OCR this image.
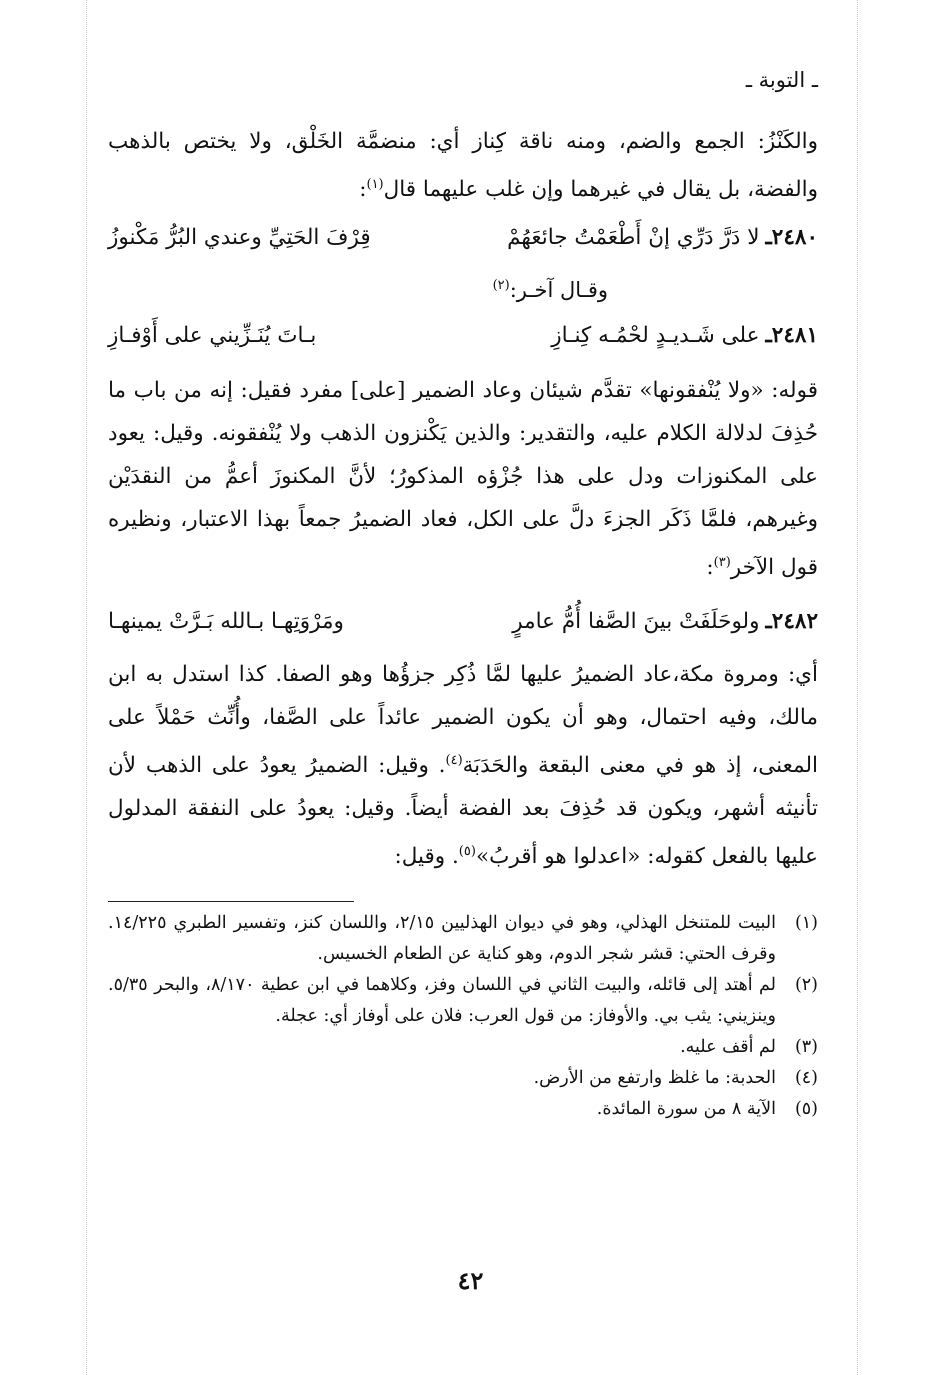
ـ التوبة ـ

والكَنْزُ: الجمع والضم، ومنه ناقة كِناز أي: منضمَّة الخَلْق، ولا يختص بالذهب والفضة، بل يقال في غيرهما وإن غلب عليهما قال$^{(١)}$:

٢٤٨٠ـ
لا دَرَّ دَرِّي إنْ أَطْعَمْتُ جائعَهُمْ
قِرْفَ الحَتِيِّ وعندي البُرُّ مَكْنوزُ

وقـال آخـر:$^{(٢)}$

٢٤٨١ـ
على شَـديـدٍ لحْمُـه كِنـازِ
بـاتَ يُنَـزِّيني على أَوْفـازِ

قوله: «ولا يُنْفقونها» تقدَّم شيئان وعاد الضمير [على] مفرد فقيل: إنه من باب ما حُذِفَ لدلالة الكلام عليه، والتقدير: والذين يَكْنزون الذهب ولا يُنْفقونه. وقيل: يعود على المكنوزات ودل على هذا جُزْؤه المذكورُ؛ لأنَّ المكنوزَ أعمُّ من النقدَيْن وغيرهم، فلمَّا ذَكَر الجزءَ دلَّ على الكل، فعاد الضميرُ جمعاً بهذا الاعتبار، ونظيره قول الآخر$^{(٣)}$:

٢٤٨٢ـ
ولوحَلَفَتْ بينَ الصَّفا أُمُّ عامرٍ
ومَرْوَتِهـا بـالله بَـرَّتْ يمينهـا

أي: ومروة مكة،عاد الضميرُ عليها لمَّا ذُكِر جزؤُها وهو الصفا. كذا استدل به ابن مالك، وفيه احتمال، وهو أن يكون الضمير عائداً على الصَّفا، وأُنِّث حَمْلاً على المعنى، إذ هو في معنى البقعة والحَدَبَة$^{(٤)}$. وقيل: الضميرُ يعودُ على الذهب لأن تأنيثه أشهر، ويكون قد حُذِفَ بعد الفضة أيضاً. وقيل: يعودُ على النفقة المدلول عليها بالفعل كقوله: «اعدلوا هو أقربُ»$^{(٥)}$. وقيل:

(١)
البيت للمتنخل الهذلي، وهو في ديوان الهذليين ٢/١٥، واللسان كنز، وتفسير الطبري ١٤/٢٢٥. وقرف الحتي: قشر شجر الدوم، وهو كناية عن الطعام الخسيس.
(٢)
لم أهتد إلى قائله، والبيت الثاني في اللسان وفز، وكلاهما في ابن عطية ٨/١٧٠، والبحر ٥/٣٥. وينزيني: يثب بي. والأوفاز: من قول العرب: فلان على أوفاز أي: عجلة.
(٣)
لم أقف عليه.
(٤)
الحدبة: ما غلظ وارتفع من الأرض.
(٥)
الآية ٨ من سورة المائدة.
٤٢
